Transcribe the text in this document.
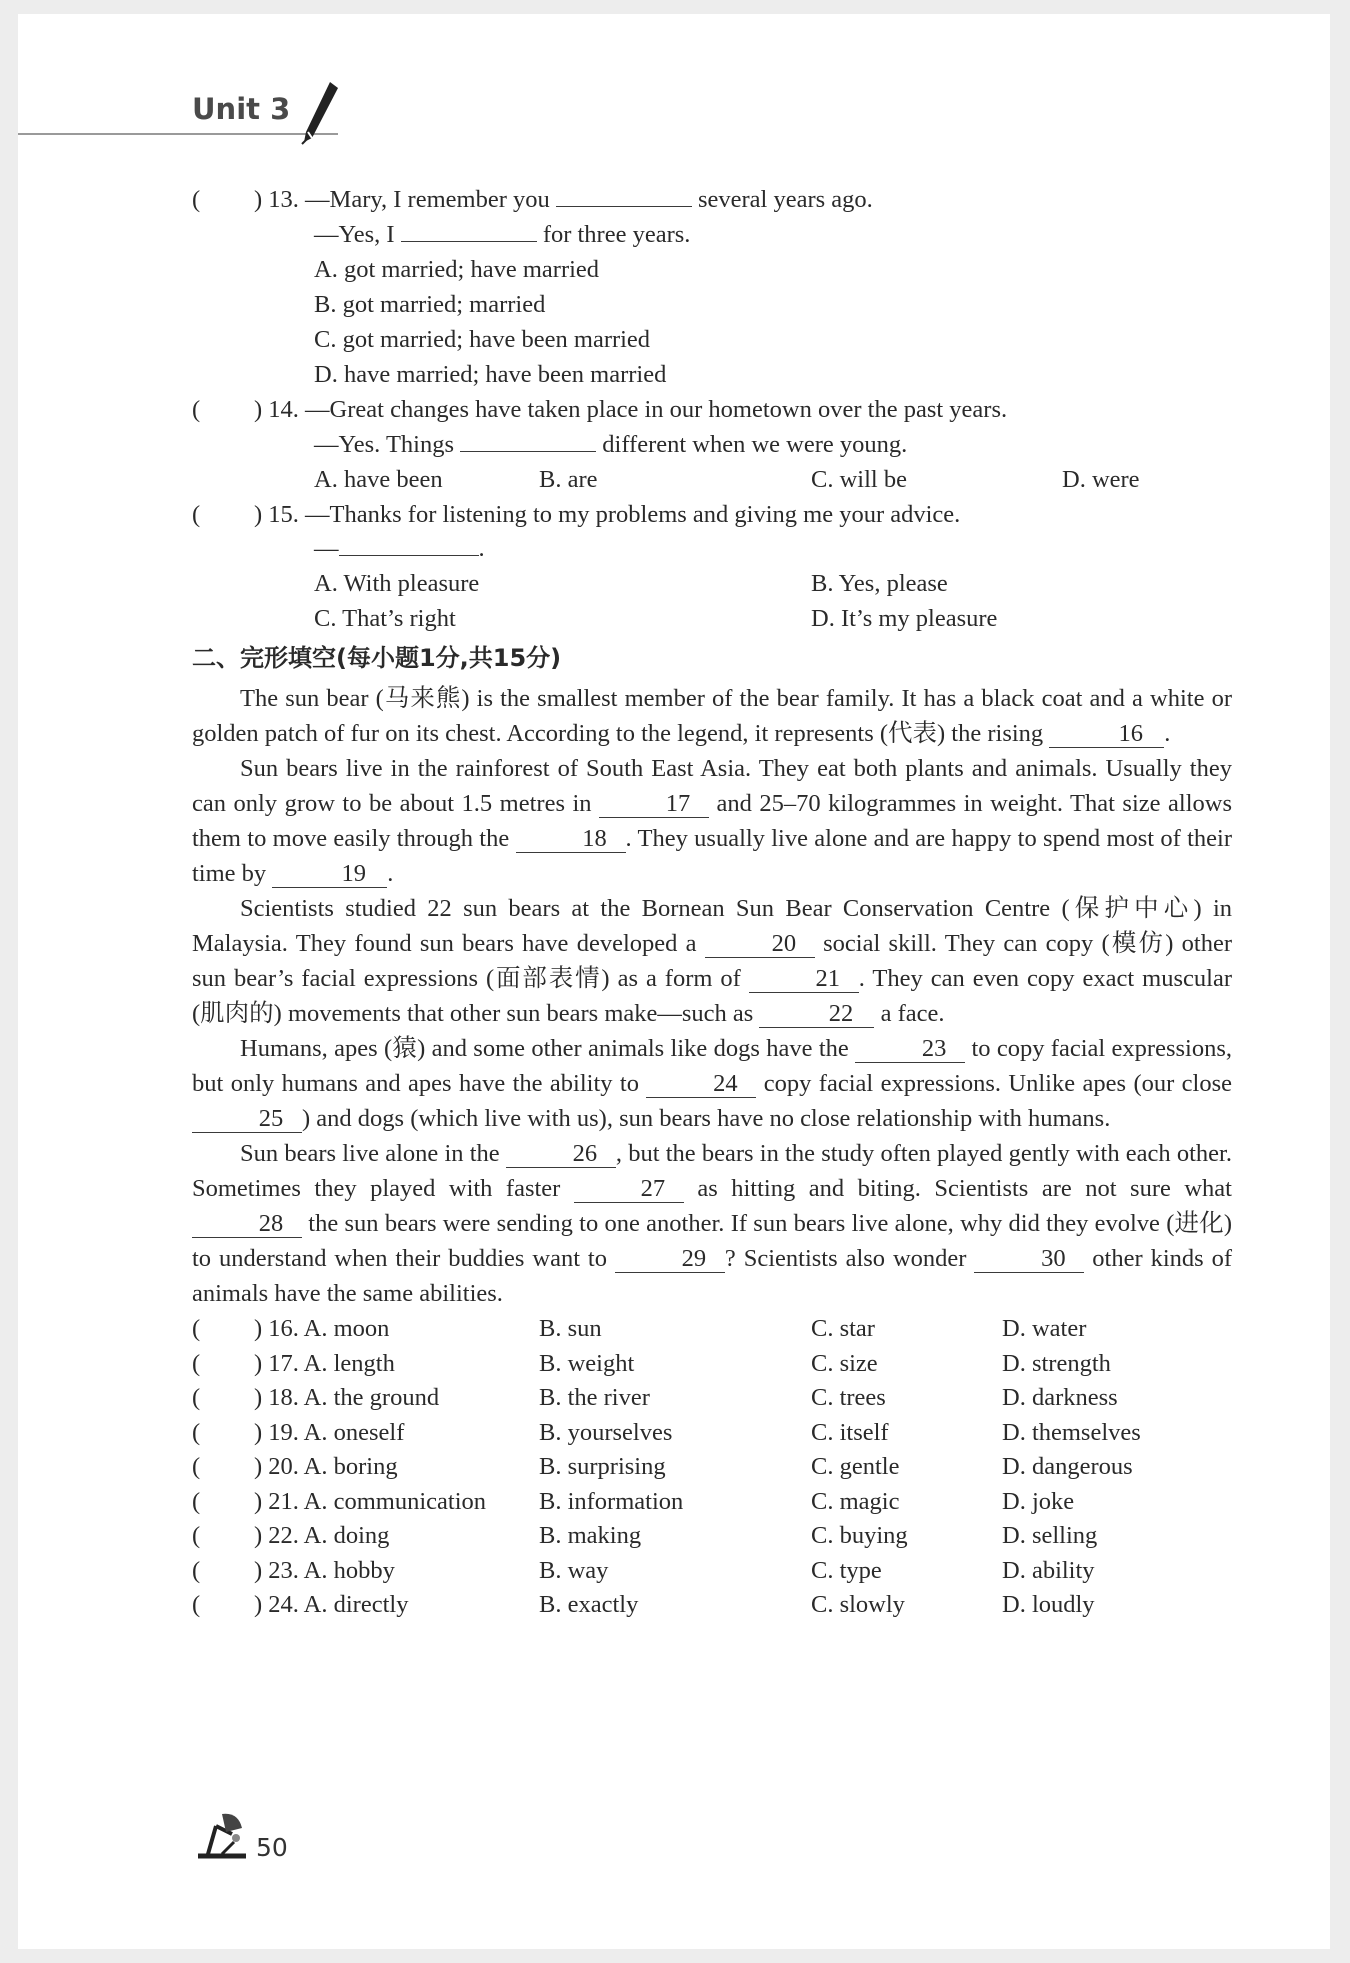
Unit 3
( ) 13. —Mary, I remember you	several years ago.
—Yes, I	for three years.
A. got married; have married
B. got married; married
C. got married; have been married
D. have married; have been married
( ) 14. —Great changes have taken place in our hometown over the past years.
—Yes. Things	different when we were young.
A. have been	B. are	C. will be	D. were
( ) 15. —Thanks for listening to my problems and giving me your advice.
—	.
A. With pleasure	B. Yes, please
C. That’s right	D. It’s my pleasure
二、完形填空(每小题1分,共15分)

The sun bear (马来熊) is the smallest member of the bear family. It has a black coat and a white or golden patch of fur on its chest. According to the legend, it represents (代表) the rising	16 .

Sun bears live in the rainforest of South East Asia. They eat both plants and animals. Usually they can only grow to be about 1.5 metres in	17 and 25–70 kilogrammes in weight. That size allows them to move easily through the	18 . They usually live alone and are happy to spend most of their time by	19 .

Scientists studied 22 sun bears at the Bornean Sun Bear Conservation Centre (保护中心) in Malaysia. They found sun bears have developed a	20 social skill. They can copy (模仿) other sun bear’s facial expressions (面部表情) as a form of	21 . They can even copy exact muscular (肌肉的) movements that other sun bears make—such as	22 a face.

Humans, apes (猿) and some other animals like dogs have the	23 to copy facial expressions, but only humans and apes have the ability to	24 copy facial expressions. Unlike apes (our close 25 ) and dogs (which live with us), sun bears have no close relationship with humans.

Sun bears live alone in the	26 , but the bears in the study often played gently with each other. Sometimes they played with faster	27 as hitting and biting. Scientists are not sure what 28 the sun bears were sending to one another. If sun bears live alone, why did they evolve (进化) to understand when their buddies want to	29 ? Scientists also wonder	30 other kinds of animals have the same abilities.

( ) 16. A. moon	B. sun	C. star	D. water
( ) 17. A. length	B. weight	C. size	D. strength
( ) 18. A. the ground	B. the river	C. trees	D. darkness
( ) 19. A. oneself	B. yourselves	C. itself	D. themselves
( ) 20. A. boring	B. surprising	C. gentle	D. dangerous
( ) 21. A. communication B. information	C. magic	D. joke
( ) 22. A. doing	B. making	C. buying	D. selling
( ) 23. A. hobby	B. way	C. type	D. ability
( ) 24. A. directly	B. exactly	C. slowly	D. loudly
50
